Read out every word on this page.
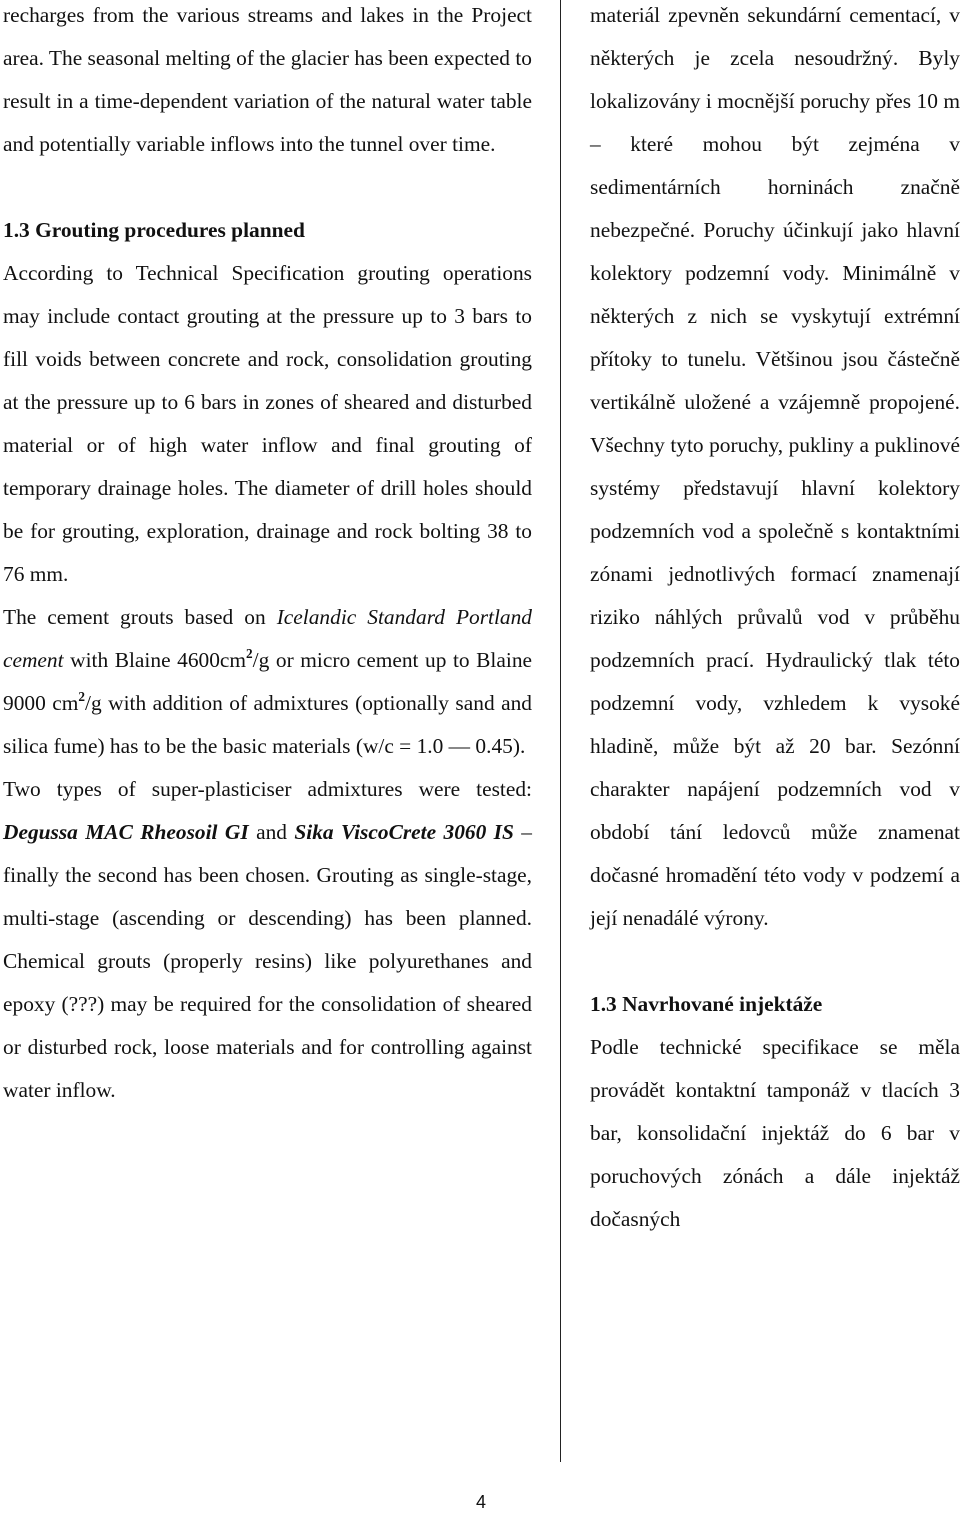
recharges from the various streams and lakes in the Project area. The seasonal melting of the glacier has been expected to result in a time-dependent variation of the natural water table and potentially variable inflows into the tunnel over time.

1.3 Grouting procedures planned

According to Technical Specification grouting operations may include contact grouting at the pressure up to 3 bars to fill voids between concrete and rock, consolidation grouting at the pressure up to 6 bars in zones of sheared and disturbed material or of high water inflow and final grouting of temporary drainage holes. The diameter of drill holes should be for grouting, exploration, drainage and rock bolting 38 to 76 mm.

The cement grouts based on Icelandic Standard Portland cement with Blaine $4600cm^2/g$ or micro cement up to Blaine 9000 $cm^2/g$ with addition of admixtures (optionally sand and silica fume) has to be the basic materials (w/c = 1.0 — 0.45).

Two types of super-plasticiser admixtures were tested: Degussa MAC Rheosoil GI and Sika ViscoCrete 3060 IS – finally the second has been chosen. Grouting as single-stage, multi-stage (ascending or descending) has been planned. Chemical grouts (properly resins) like polyurethanes and epoxy (???) may be required for the consolidation of sheared or disturbed rock, loose materials and for controlling against water inflow.

materiál zpevněn sekundární cementací, v některých je zcela nesoudržný. Byly lokalizovány i mocnější poruchy přes 10 m – které mohou být zejména v sedimentárních horninách značně nebezpečné. Poruchy účinkují jako hlavní kolektory podzemní vody. Minimálně v některých z nich se vyskytují extrémní přítoky to tunelu. Většinou jsou částečně vertikálně uložené a vzájemně propojené. Všechny tyto poruchy, pukliny a puklinové systémy představují hlavní kolektory podzemních vod a společně s kontaktními zónami jednotlivých formací znamenají riziko náhlých průvalů vod v průběhu podzemních prací. Hydraulický tlak této podzemní vody, vzhledem k vysoké hladině, může být až 20 bar. Sezónní charakter napájení podzemních vod v období tání ledovců může znamenat dočasné hromadění této vody v podzemí a její nenadálé výrony.

1.3 Navrhované injektáže

Podle technické specifikace se měla provádět kontaktní tamponáž v tlacích 3 bar, konsolidační injektáž do 6 bar v poruchových zónách a dále injektáž dočasných

4
